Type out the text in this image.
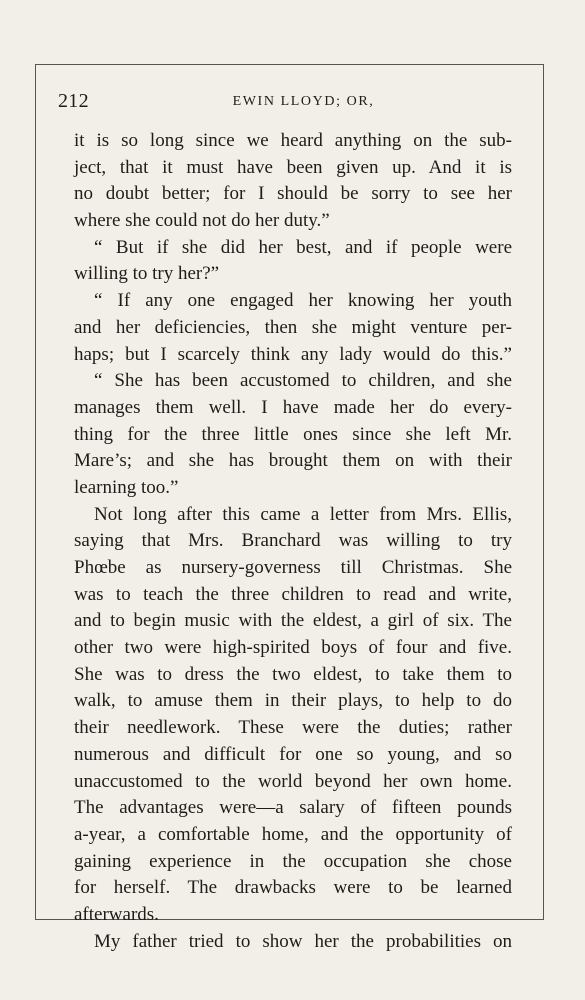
212	EWIN LLOYD; OR,
it is so long since we heard anything on the sub-
ject, that it must have been given up. And it is
no doubt better; for I should be sorry to see her
where she could not do her duty.”
“ But if she did her best, and if people were
willing to try her?”
“ If any one engaged her knowing her youth
and her deficiencies, then she might venture per-
haps; but I scarcely think any lady would do this.”
“ She has been accustomed to children, and she
manages them well. I have made her do every-
thing for the three little ones since she left Mr.
Mare’s; and she has brought them on with their
learning too.”
Not long after this came a letter from Mrs. Ellis,
saying that Mrs. Branchard was willing to try
Phœbe as nursery-governess till Christmas. She
was to teach the three children to read and write,
and to begin music with the eldest, a girl of six. The
other two were high-spirited boys of four and five.
She was to dress the two eldest, to take them to
walk, to amuse them in their plays, to help to do
their needlework. These were the duties; rather
numerous and difficult for one so young, and so
unaccustomed to the world beyond her own home.
The advantages were—a salary of fifteen pounds
a-year, a comfortable home, and the opportunity of
gaining experience in the occupation she chose
for herself. The drawbacks were to be learned
afterwards.
My father tried to show her the probabilities on
